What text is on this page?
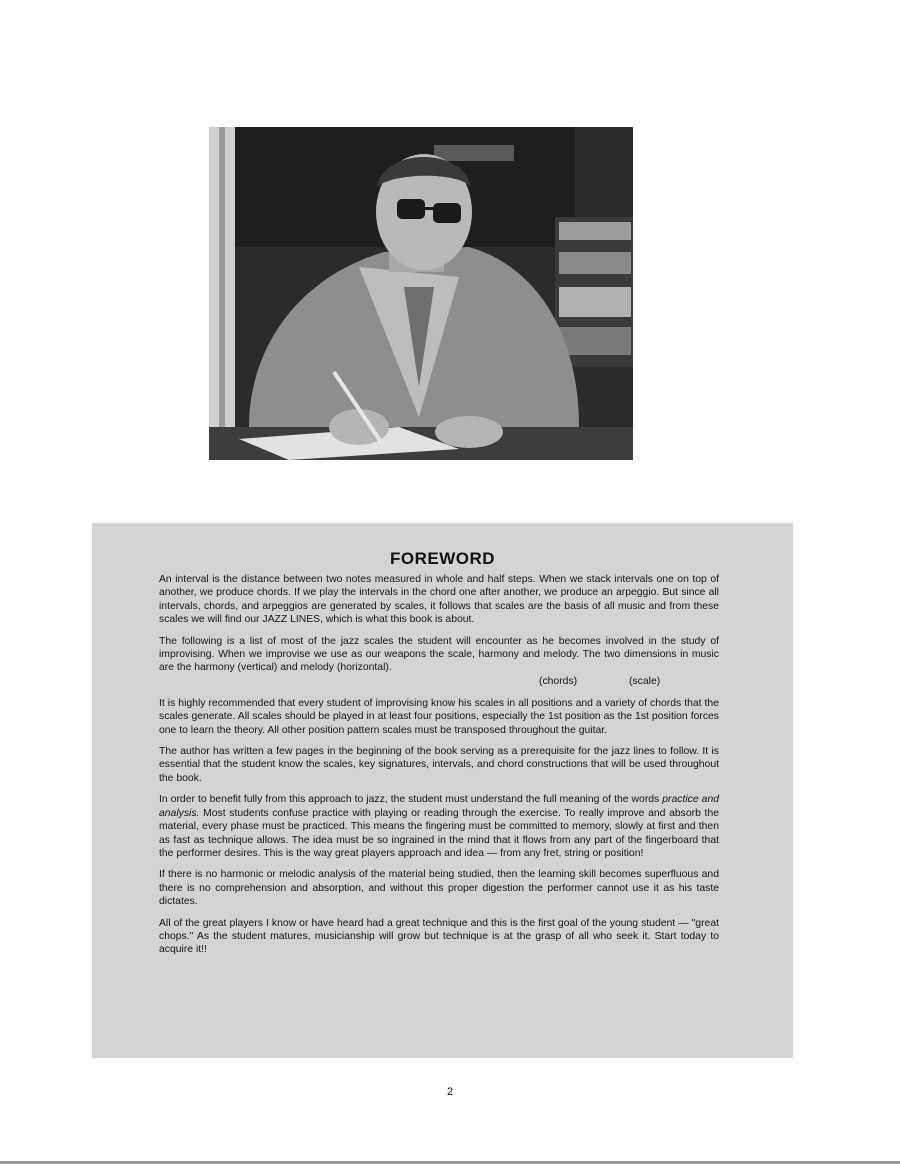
FOREWORD

An interval is the distance between two notes measured in whole and half steps. When we stack intervals one on top of another, we produce chords. If we play the intervals in the chord one after another, we produce an arpeggio. But since all intervals, chords, and arpeggios are generated by scales, it follows that scales are the basis of all music and from these scales we will find our JAZZ LINES, which is what this book is about.

The following is a list of most of the jazz scales the student will encounter as he becomes involved in the study of improvising. When we improvise we use as our weapons the scale, harmony and melody. The two dimensions in music are the harmony (vertical) and melody (horizontal).

(chords)	(scale)

It is highly recommended that every student of improvising know his scales in all positions and a variety of chords that the scales generate. All scales should be played in at least four positions, especially the 1st position as the 1st position forces one to learn the theory. All other position pattern scales must be transposed throughout the guitar.

The author has written a few pages in the beginning of the book serving as a prerequisite for the jazz lines to follow. It is essential that the student know the scales, key signatures, intervals, and chord constructions that will be used throughout the book.

In order to benefit fully from this approach to jazz, the student must understand the full meaning of the words practice and analysis. Most students confuse practice with playing or reading through the exercise. To really improve and absorb the material, every phase must be practiced. This means the fingering must be committed to memory, slowly at first and then as fast as technique allows. The idea must be so ingrained in the mind that it flows from any part of the fingerboard that the performer desires. This is the way great players approach and idea — from any fret, string or position!

If there is no harmonic or melodic analysis of the material being studied, then the learning skill becomes superfluous and there is no comprehension and absorption, and without this proper digestion the performer cannot use it as his taste dictates.

All of the great players I know or have heard had a great technique and this is the first goal of the young student — "great chops." As the student matures, musicianship will grow but technique is at the grasp of all who seek it. Start today to acquire it!!

2
